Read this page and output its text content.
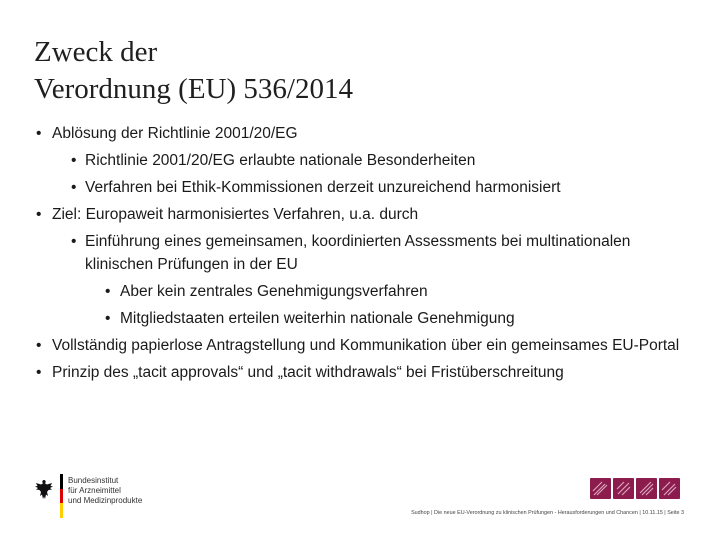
Zweck der
Verordnung (EU) 536/2014
• Ablösung der Richtlinie 2001/20/EG
• Richtlinie 2001/20/EG erlaubte nationale Besonderheiten
• Verfahren bei Ethik-Kommissionen derzeit unzureichend harmonisiert
• Ziel: Europaweit harmonisiertes Verfahren, u.a. durch
• Einführung eines gemeinsamen, koordinierten Assessments bei multinationalen klinischen Prüfungen in der EU
• Aber kein zentrales Genehmigungsverfahren
• Mitgliedstaaten erteilen weiterhin nationale Genehmigung
• Vollständig papierlose Antragstellung und Kommunikation über ein gemeinsames EU-Portal
• Prinzip des „tacit approvals“ und „tacit withdrawals“ bei Fristüberschreitung
Bundesinstitut
für Arzneimittel
und Medizinprodukte
Sudhop | Die neue EU-Verordnung zu klinischen Prüfungen - Herausforderungen und Chancen | 10.11.15 | Seite 3
